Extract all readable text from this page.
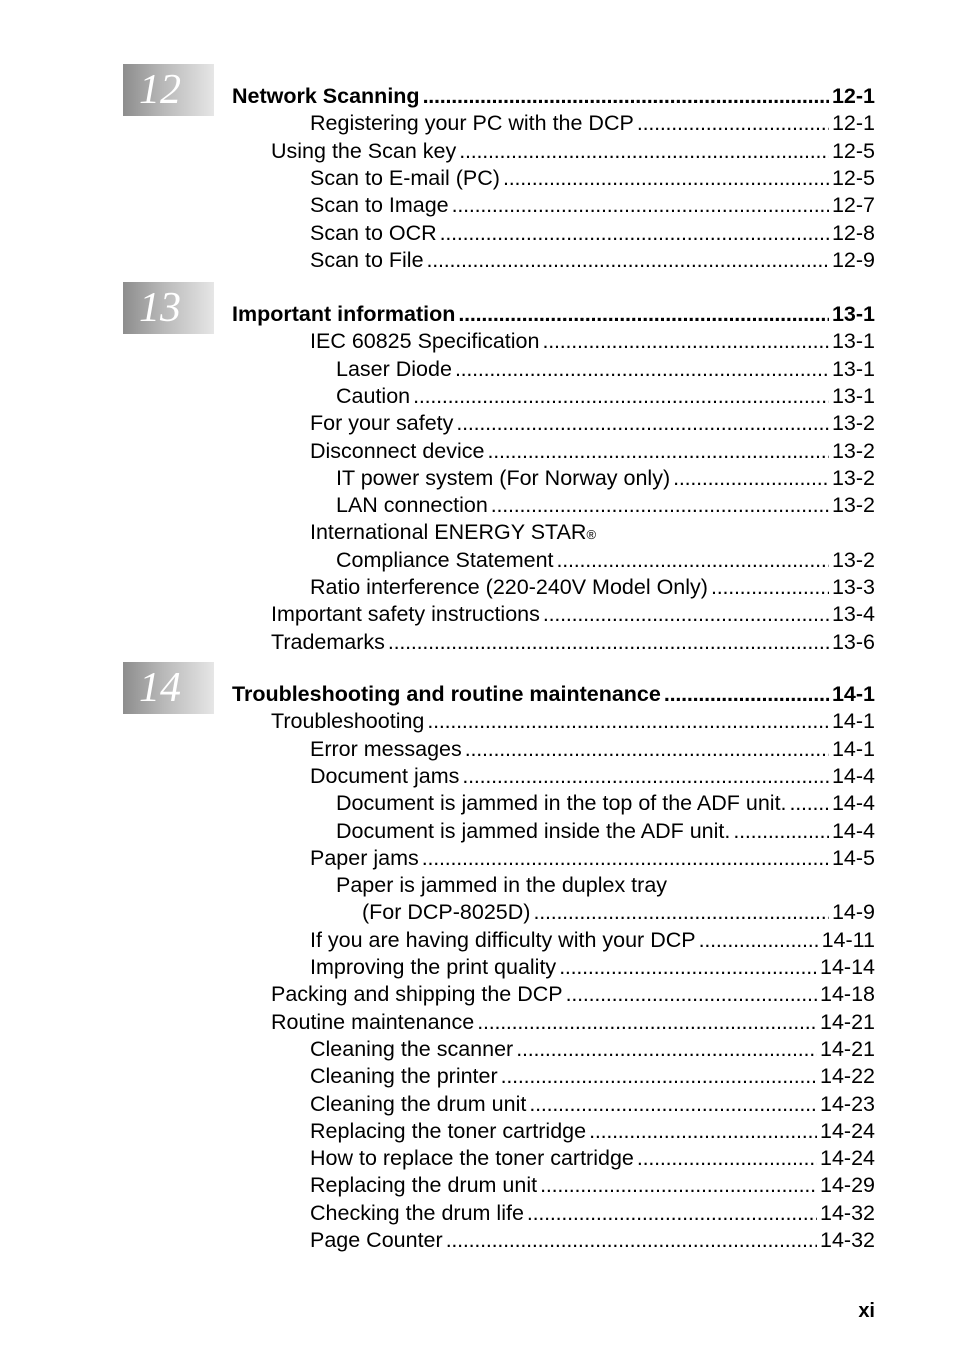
12 Network Scanning . . .	12-1
Registering your PC with the DCP . . .	12-1
Using the Scan key . . .	12-5
Scan to E-mail (PC) . . .	12-5
Scan to Image . . .	12-7
Scan to OCR . . .	12-8
Scan to File . . .	12-9
13 Important information . . .	13-1
IEC 60825 Specification . . .	13-1
Laser Diode . . .	13-1
Caution . . .	13-1
For your safety . . .	13-2
Disconnect device . . .	13-2
IT power system (For Norway only) . . .	13-2
LAN connection . . .	13-2
International ENERGY STAR ®
Compliance Statement . . .	13-2
Ratio interference (220-240V Model Only) . . .	13-3
Important safety instructions . . .	13-4
Trademarks . . .	13-6
14 Troubleshooting and routine maintenance . . .	14-1
Troubleshooting . . .	14-1
Error messages . . .	14-1
Document jams . . .	14-4
Document is jammed in the top of the ADF unit. . . . 14-4
Document is jammed inside the ADF unit. . . .	14-4
Paper jams . . .	14-5
Paper is jammed in the duplex tray
(For DCP-8025D) . . .	14-9
If you are having difficulty with your DCP . . .	14-11
Improving the print quality . . .	14-14
Packing and shipping the DCP . . .	14-18
Routine maintenance . . .	14-21
Cleaning the scanner . . .	14-21
Cleaning the printer . . .	14-22
Cleaning the drum unit . . .	14-23
Replacing the toner cartridge . . .	14-24
How to replace the toner cartridge . . .	14-24
Replacing the drum unit . . .	14-29
Checking the drum life . . .	14-32
Page Counter . . .	14-32
xi
